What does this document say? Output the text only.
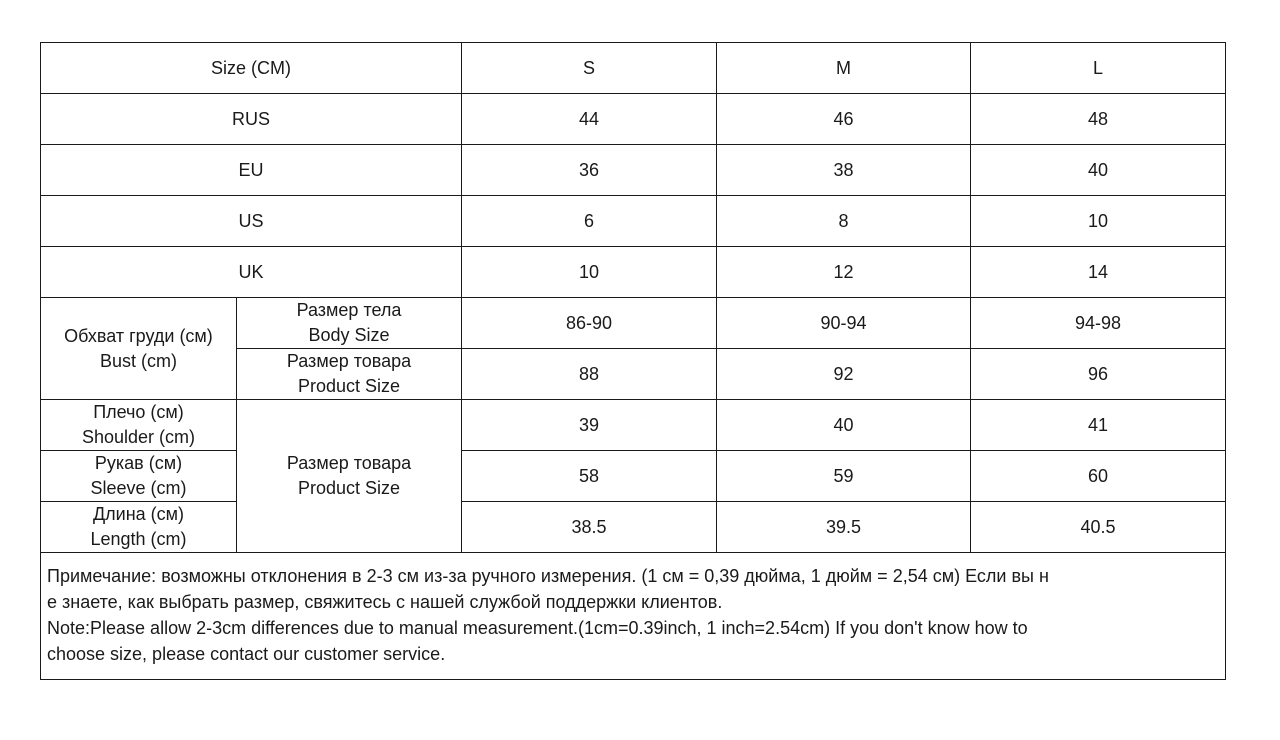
Size (CM)		S	M	L
RUS		44	46	48
EU		36	38	40
US		6	8	10
UK		10	12	14

Обхват груди (см)
Bust (cm)	Размер тела
Body Size	86-90	90-94	94-98

	Размер товара
Product Size	88	92	96

Плечо (см)
Shoulder (cm)	Размер товара
Product Size	39	40	41

Рукав (см)
Sleeve (cm)		58	59	60

Длина (см)
Length (cm)		38.5	39.5	40.5

Примечание: возможны отклонения в 2-3 см из-за ручного измерения. (1 см = 0,39 дюйма, 1 дюйм = 2,54 см) Если вы н
е знаете, как выбрать размер, свяжитесь с нашей службой поддержки клиентов.
Note:Please allow 2-3cm differences due to manual measurement.(1cm=0.39inch, 1 inch=2.54cm) If you don't know how to
choose size, please contact our customer service.				
